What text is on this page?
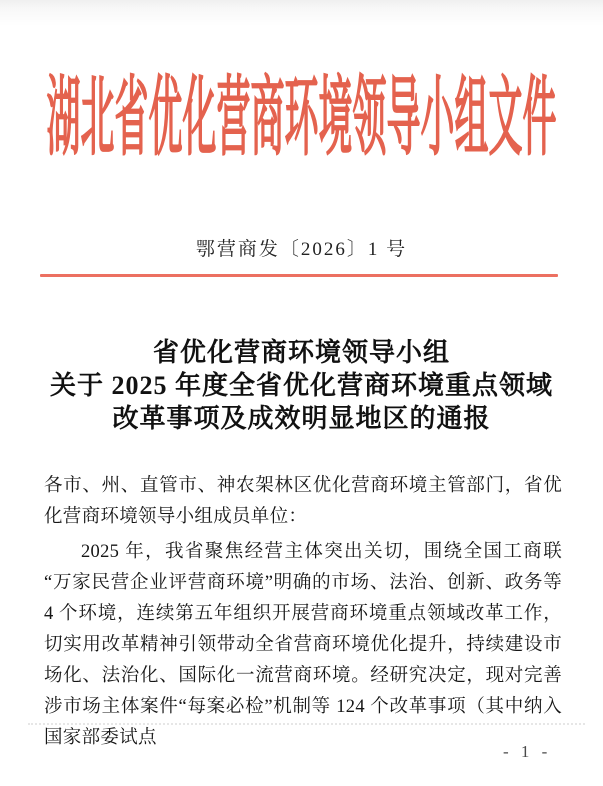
湖北省优化营商环境领导小组文件
鄂营商发〔2026〕1 号
省优化营商环境领导小组
关于 2025 年度全省优化营商环境重点领域
改革事项及成效明显地区的通报

各市、州、直管市、神农架林区优化营商环境主管部门，省优化营商环境领导小组成员单位：

2025 年，我省聚焦经营主体突出关切，围绕全国工商联“万家民营企业评营商环境”明确的市场、法治、创新、政务等 4 个环境，连续第五年组织开展营商环境重点领域改革工作，切实用改革精神引领带动全省营商环境优化提升，持续建设市场化、法治化、国际化一流营商环境。经研究决定，现对完善涉市场主体案件“每案必检”机制等 124 个改革事项（其中纳入国家部委试点

- 1 -
